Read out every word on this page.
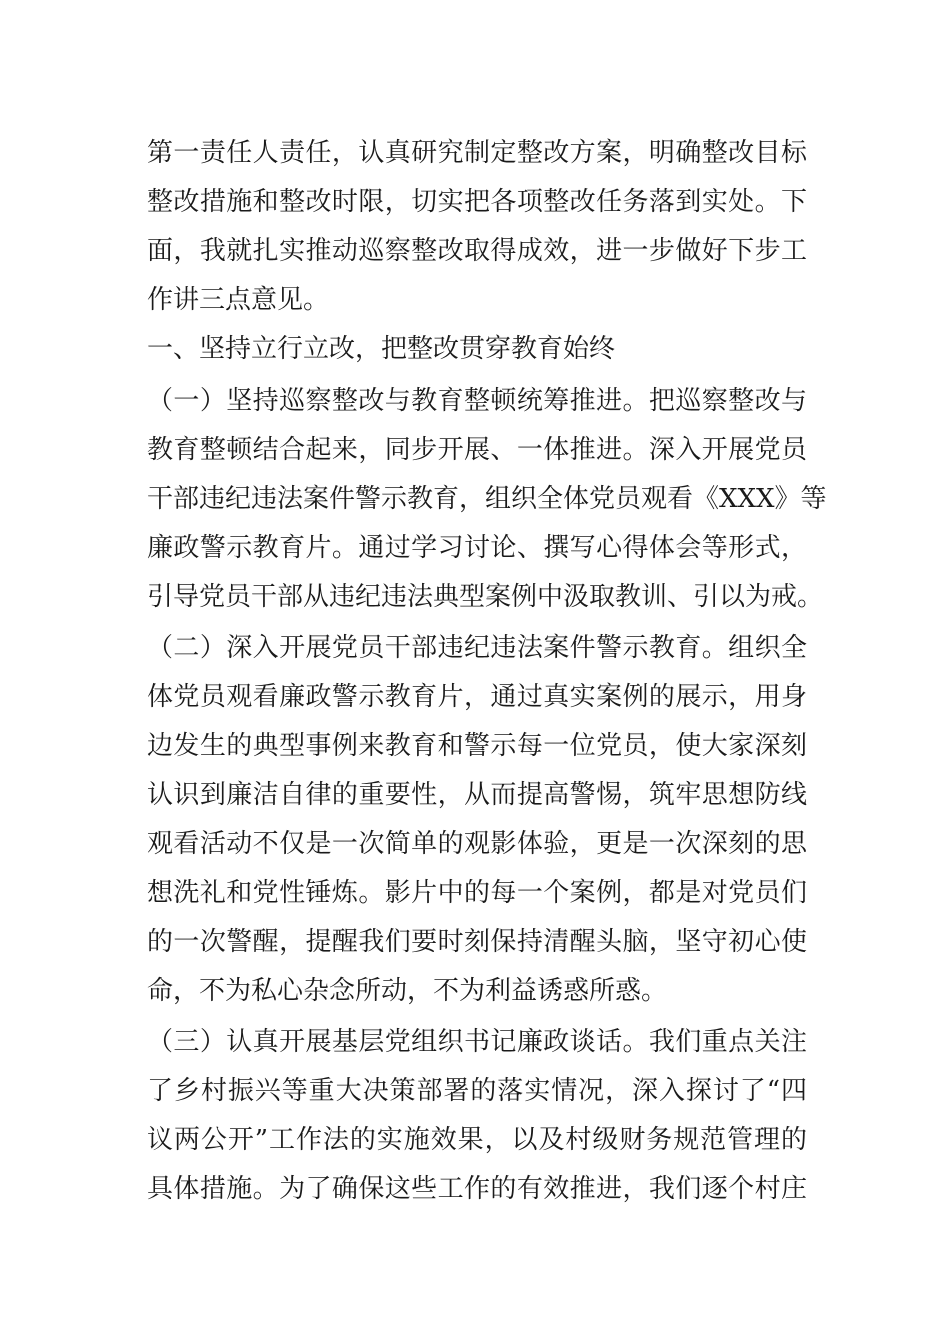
第一责任人责任，认真研究制定整改方案，明确整改目标
整改措施和整改时限，切实把各项整改任务落到实处。下
面，我就扎实推动巡察整改取得成效，进一步做好下步工
作讲三点意见。
一、坚持立行立改，把整改贯穿教育始终
（一）坚持巡察整改与教育整顿统筹推进。把巡察整改与
教育整顿结合起来，同步开展、一体推进。深入开展党员
干部违纪违法案件警示教育，组织全体党员观看《XXX》等
廉政警示教育片。通过学习讨论、撰写心得体会等形式，
引导党员干部从违纪违法典型案例中汲取教训、引以为戒。
（二）深入开展党员干部违纪违法案件警示教育。组织全
体党员观看廉政警示教育片，通过真实案例的展示，用身
边发生的典型事例来教育和警示每一位党员，使大家深刻
认识到廉洁自律的重要性，从而提高警惕，筑牢思想防线
观看活动不仅是一次简单的观影体验，更是一次深刻的思
想洗礼和党性锤炼。影片中的每一个案例，都是对党员们
的一次警醒，提醒我们要时刻保持清醒头脑，坚守初心使
命，不为私心杂念所动，不为利益诱惑所惑。
（三）认真开展基层党组织书记廉政谈话。我们重点关注
了乡村振兴等重大决策部署的落实情况，深入探讨了“四
议两公开”工作法的实施效果，以及村级财务规范管理的
具体措施。为了确保这些工作的有效推进，我们逐个村庄
